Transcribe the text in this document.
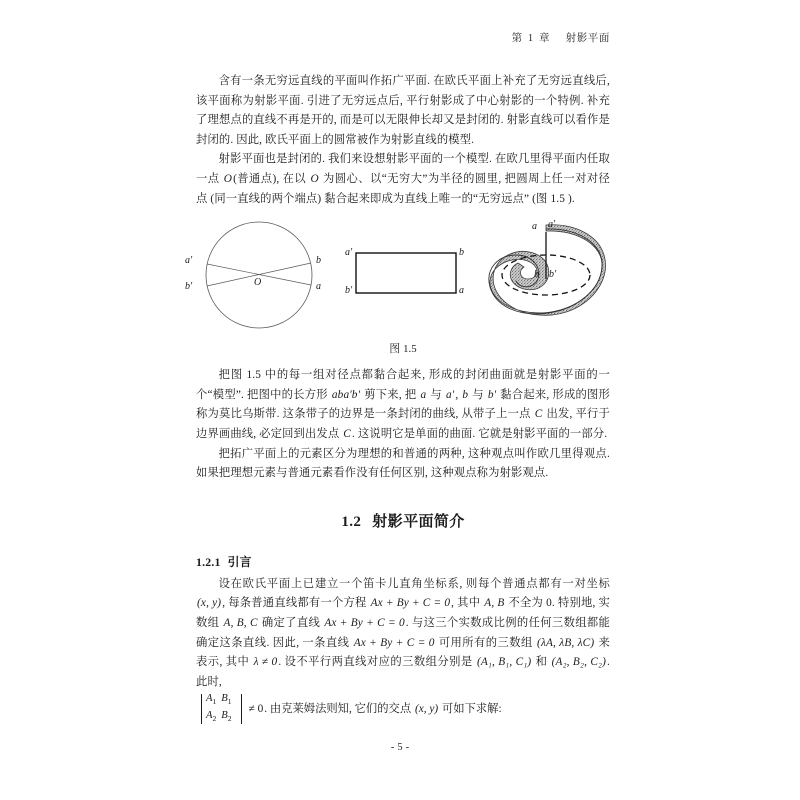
第 1 章 射影平面

含有一条无穷远直线的平面叫作拓广平面. 在欧氏平面上补充了无穷远直线后, 该平面称为射影平面. 引进了无穷远点后, 平行射影成了中心射影的一个特例. 补充了理想点的直线不再是开的, 而是可以无限伸长却又是封闭的. 射影直线可以看作是封闭的. 因此, 欧氏平面上的圆常被作为射影直线的模型.

射影平面也是封闭的. 我们来设想射影平面的一个模型. 在欧几里得平面内任取一点 O(普通点), 在以 O 为圆心、以“无穷大”为半径的圆里, 把圆周上任一对对径点 (同一直线的两个端点) 黏合起来即成为直线上唯一的“无穷远点” (图 1.5 ).

a'
b'
b
a
O
a'	b
b'	a
a a'
b b'
图 1.5

把图 1.5 中的每一组对径点都黏合起来, 形成的封闭曲面就是射影平面的一个“模型”. 把图中的长方形 aba'b' 剪下来, 把 a 与 a', b 与 b' 黏合起来, 形成的图形称为莫比乌斯带. 这条带子的边界是一条封闭的曲线, 从带子上一点 C 出发, 平行于边界画曲线, 必定回到出发点 C. 这说明它是单面的曲面. 它就是射影平面的一部分.

把拓广平面上的元素区分为理想的和普通的两种, 这种观点叫作欧几里得观点. 如果把理想元素与普通元素看作没有任何区别, 这种观点称为射影观点.

1.2 射影平面简介
1.2.1 引言

设在欧氏平面上已建立一个笛卡儿直角坐标系, 则每个普通点都有一对坐标 (x, y), 每条普通直线都有一个方程 Ax + By + C = 0, 其中 A, B 不全为 0. 特别地, 实数组 A, B, C 确定了直线 Ax + By + C = 0. 与这三个实数成比例的任何三数组都能确定这条直线. 因此, 一条直线 Ax + By + C = 0 可用所有的三数组 (λA, λB, λC) 来表示, 其中 λ ≠ 0. 设不平行两直线对应的三数组分别是 (A₁, B₁, C₁) 和 (A₂, B₂, C₂). 此时,

$A_1$	$B_1$
$A_2$	$B_2$
≠ 0. 由克莱姆法则知, 它们的交点 (x, y) 可如下求解:
- 5 -
